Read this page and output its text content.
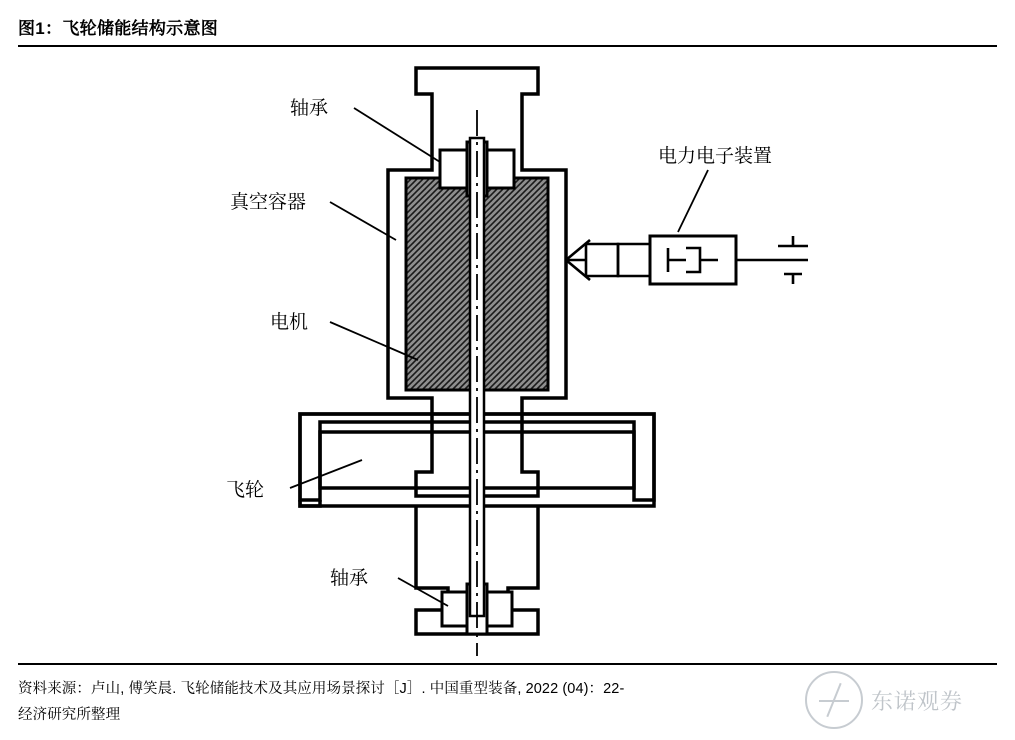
图1：飞轮储能结构示意图
轴承
真空容器
电机
飞轮
轴承
电力电子装置
资料来源：卢山, 傅笑晨. 飞轮储能技术及其应用场景探讨［J］. 中国重型装备, 2022 (04)：22-
经济研究所整理
东诺观券
